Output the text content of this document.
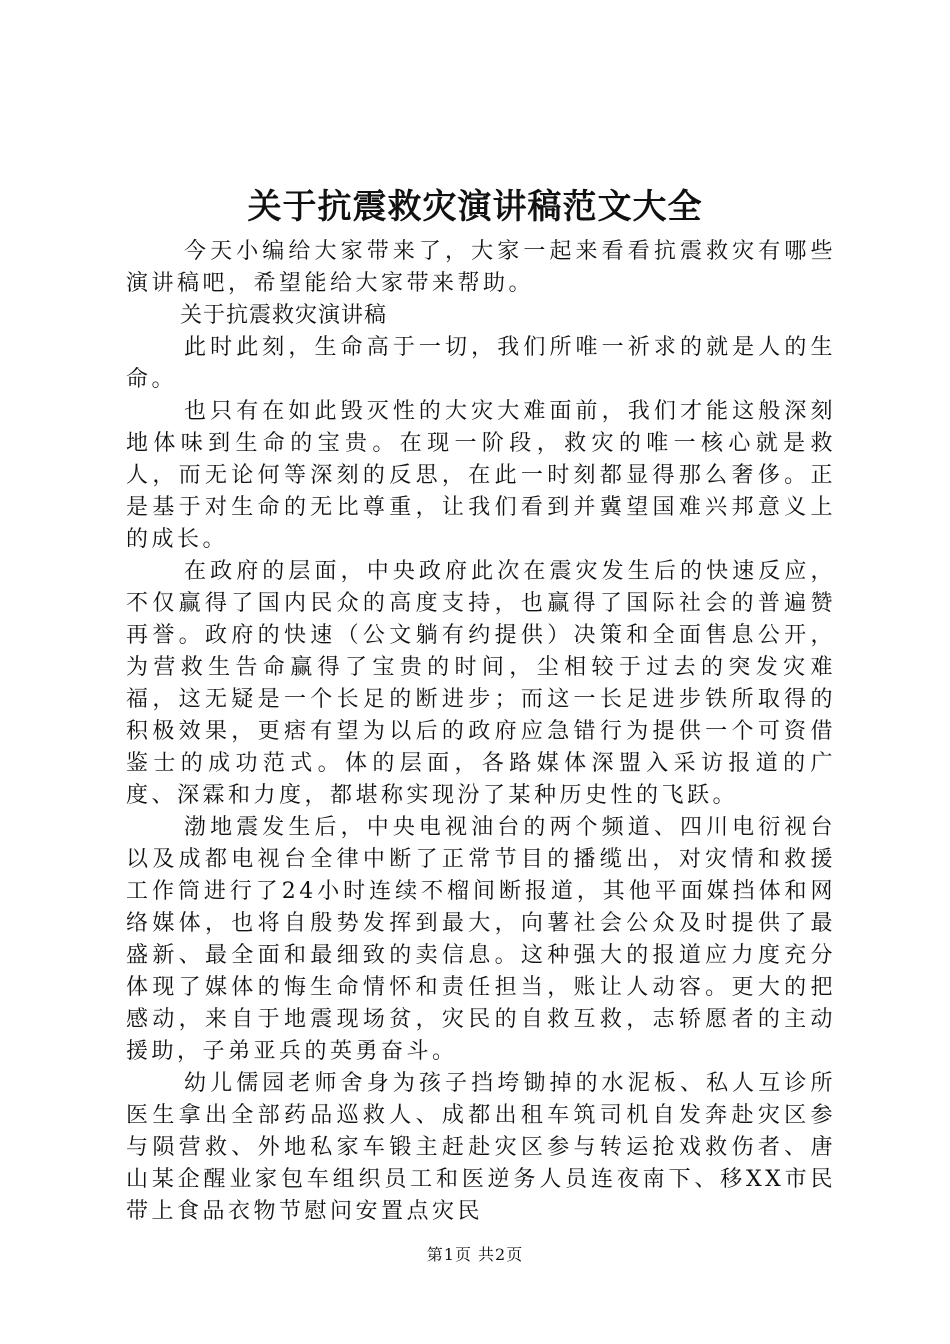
关于抗震救灾演讲稿范文大全

今天小编给大家带来了，大家一起来看看抗震救灾有哪些演讲稿吧，希望能给大家带来帮助。

关于抗震救灾演讲稿

此时此刻，生命高于一切，我们所唯一祈求的就是人的生命。

也只有在如此毁灭性的大灾大难面前，我们才能这般深刻地体味到生命的宝贵。在现一阶段，救灾的唯一核心就是救人，而无论何等深刻的反思，在此一时刻都显得那么奢侈。正是基于对生命的无比尊重，让我们看到并冀望国难兴邦意义上的成长。

在政府的层面，中央政府此次在震灾发生后的快速反应，不仅赢得了国内民众的高度支持，也赢得了国际社会的普遍赞再誉。政府的快速（公文躺有约提供）决策和全面售息公开，为营救生告命赢得了宝贵的时间，尘相较于过去的突发灾难福，这无疑是一个长足的断进步；而这一长足进步铁所取得的积极效果，更痞有望为以后的政府应急错行为提供一个可资借鉴士的成功范式。体的层面，各路媒体深盟入采访报道的广度、深霖和力度，都堪称实现汾了某种历史性的飞跃。

渤地震发生后，中央电视油台的两个频道、四川电衍视台以及成都电视台全律中断了正常节目的播缆出，对灾情和救援工作筒进行了24小时连续不榴间断报道，其他平面媒挡体和网络媒体，也将自殷势发挥到最大，向薯社会公众及时提供了最盛新、最全面和最细致的卖信息。这种强大的报道应力度充分体现了媒体的悔生命情怀和责任担当，账让人动容。更大的把感动，来自于地震现场贫，灾民的自救互救，志轿愿者的主动援助，子弟亚兵的英勇奋斗。

幼儿儒园老师舍身为孩子挡垮锄掉的水泥板、私人互诊所医生拿出全部药品巡救人、成都出租车筑司机自发奔赴灾区参与陨营救、外地私家车锻主赶赴灾区参与转运抢戏救伤者、唐山某企醒业家包车组织员工和医逆务人员连夜南下、移XX市民带上食品衣物节慰问安置点灾民

第1页 共2页
